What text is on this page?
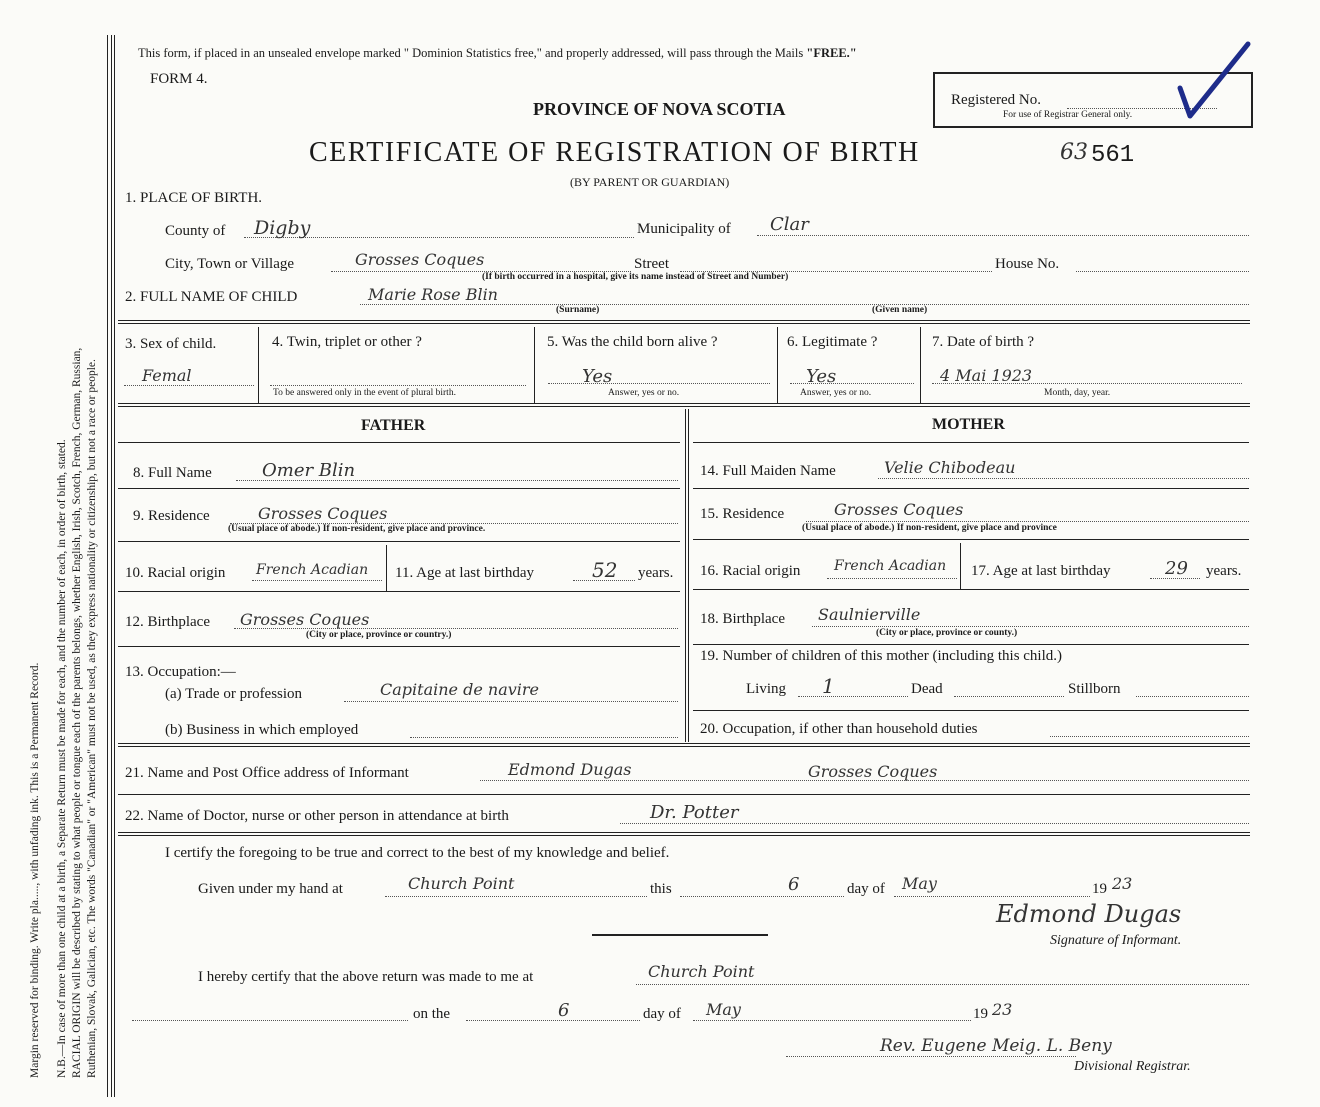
Margin reserved for binding. Write pla....., with unfading ink. This is a Permanent Record. N.B.—In case of more than one child at a birth, a Separate Return must be made for each, and the number of each, in order of birth, stated. RACIAL ORIGIN will be described by stating to what people or tongue each of the parents belongs, whether English, Irish, Scotch, French, German, Russian, Ruthenian, Slovak, Galician, etc. The words "Canadian" or "American" must not be used, as they express nationality or citizenship, but not a race or people.
This form, if placed in an unsealed envelope marked " Dominion Statistics free," and properly addressed, will pass through the Mails "FREE."
FORM 4.
PROVINCE OF NOVA SCOTIA	Registered No.
For use of Registrar General only.
CERTIFICATE OF REGISTRATION OF BIRTH	63 561
(BY PARENT OR GUARDIAN)
1. PLACE OF BIRTH.
County of Digby	Municipality of Clar
City, Town or Village	Grosses Coques	Street	House No.
(If birth occurred in a hospital, give its name instead of Street and Number)
2. FULL NAME OF CHILD	Marie Rose Blin
(Surname)	(Given name)
3. Sex of child.
Femal
4. Twin, triplet or other ?
To be answered only in the event of plural birth.
5. Was the child born alive ?
Yes
Answer, yes or no.
6. Legitimate ?
Yes
Answer, yes or no.
7. Date of birth ?
4 Mai 1923
Month, day, year.
FATHER
8. Full Name	Omer Blin
9. Residence	Grosses Coques
(Usual place of abode.) If non-resident, give place and province.
10. Racial origin French Acadian 11. Age at last birthday	52 years.
12. Birthplace Grosses Coques
(City or place, province or country.)
13. Occupation:—
(a) Trade or profession	Capitaine de navire
(b) Business in which employed
MOTHER
14. Full Maiden Name	Velie Chibodeau
15. Residence	Grosses Coques
(Usual place of abode.) If non-resident, give place and province
16. Racial origin French Acadian 17. Age at last birthday	29 years.
18. Birthplace Saulnierville
(City or place, province or county.)
19. Number of children of this mother (including this child.)
Living 1	Dead	Stillborn
20. Occupation, if other than household duties
21. Name and Post Office address of Informant	Edmond Dugas	Grosses Coques
22. Name of Doctor, nurse or other person in attendance at birth	Dr. Potter
I certify the foregoing to be true and correct to the best of my knowledge and belief.
Given under my hand at	Church Point	this	6	day of May	19 23
Edmond Dugas
Signature of Informant.
I hereby certify that the above return was made to me at	Church Point
on the	6	day of May	19 23
Rev. Eugene Meig. L. Beny
Divisional Registrar.
